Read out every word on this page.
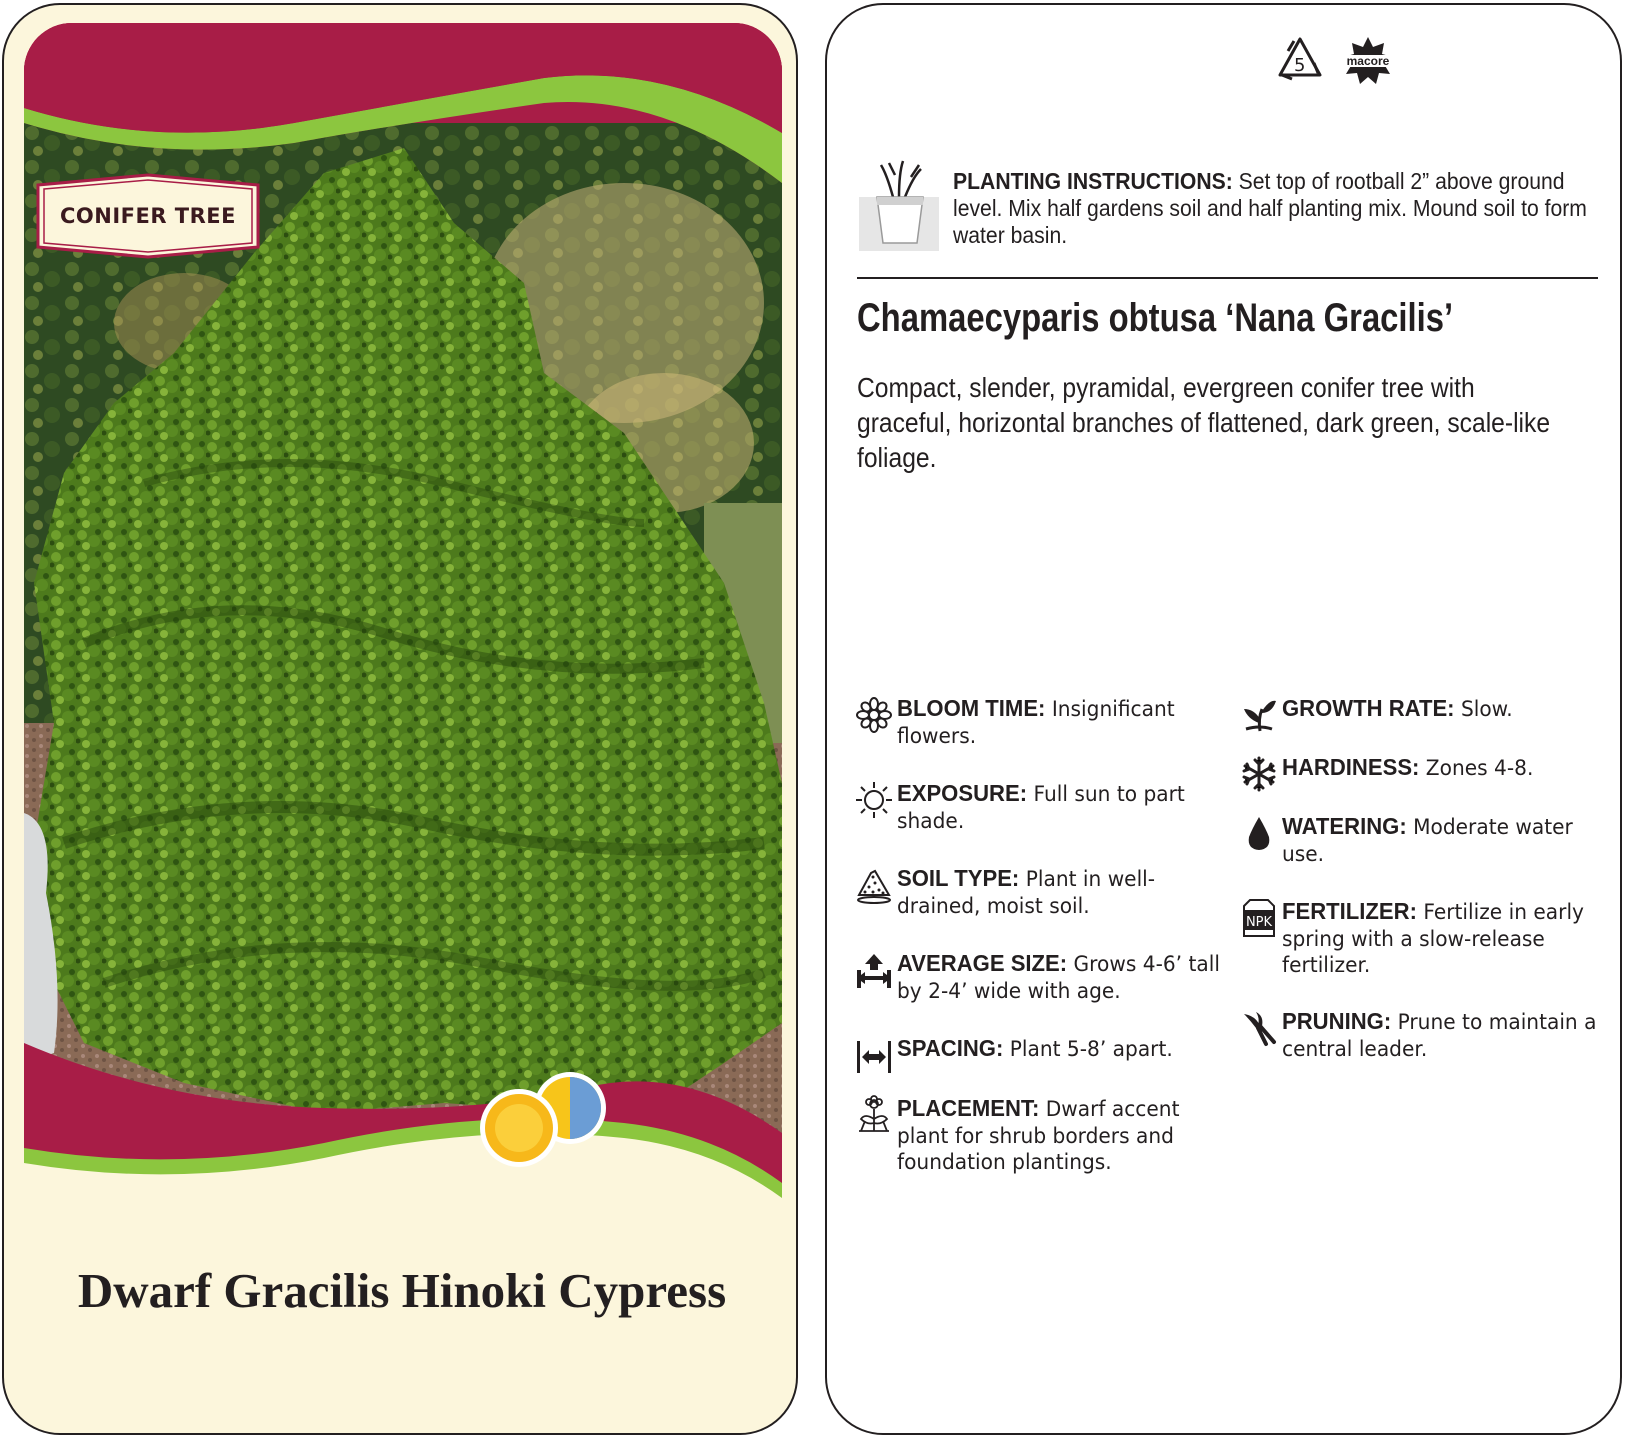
CONIFER TREE
Dwarf Gracilis Hinoki Cypress
5	macore
PLANTING INSTRUCTIONS: Set top of rootball 2” above ground level. Mix half gardens soil and half planting mix. Mound soil to form water basin.
Chamaecyparis obtusa ‘Nana Gracilis’
Compact, slender, pyramidal, evergreen conifer tree with graceful, horizontal branches of flattened, dark green, scale-like foliage.
BLOOM TIME: Insignificant flowers.
EXPOSURE: Full sun to part shade.
SOIL TYPE: Plant in well-drained, moist soil.
AVERAGE SIZE: Grows 4-6’ tall by 2-4’ wide with age.
SPACING: Plant 5-8’ apart.
PLACEMENT: Dwarf accent plant for shrub borders and foundation plantings.
GROWTH RATE: Slow.
HARDINESS: Zones 4-8.
WATERING: Moderate water use.
NPK FERTILIZER: Fertilize in early spring with a slow-release fertilizer.
PRUNING: Prune to maintain a central leader.
